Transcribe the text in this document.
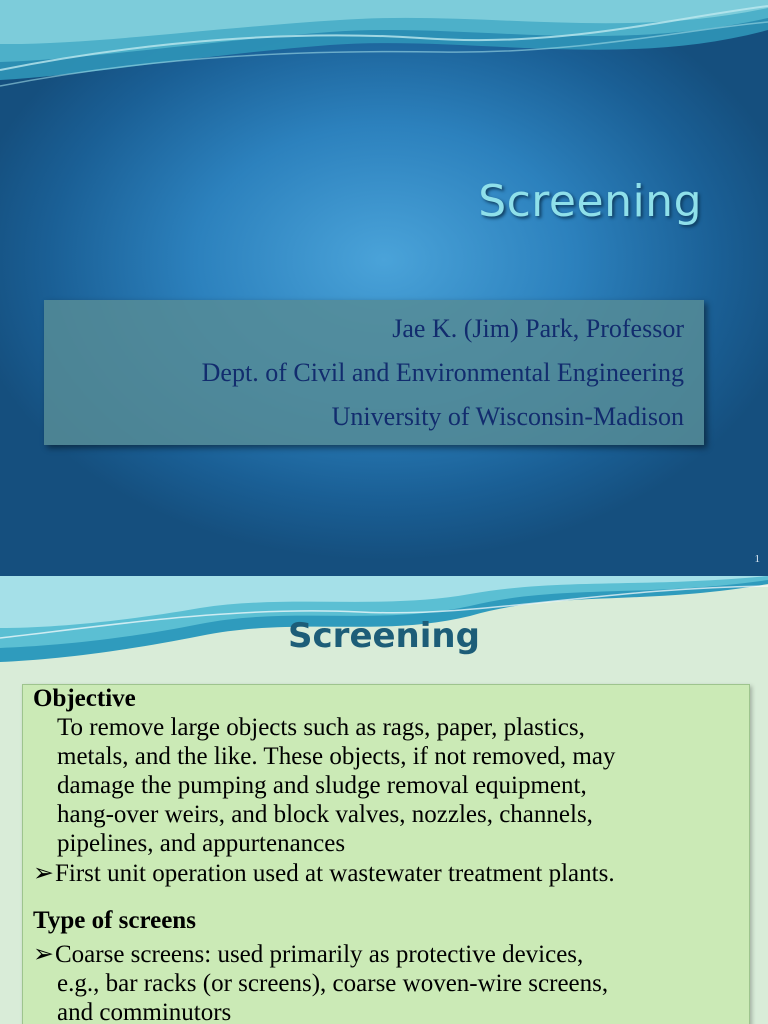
Screening
Jae K. (Jim) Park, Professor
Dept. of Civil and Environmental Engineering
University of Wisconsin-Madison
1
Screening
Objective
To remove large objects such as rags, paper, plastics,
metals, and the like. These objects, if not removed, may
damage the pumping and sludge removal equipment,
hang-over weirs, and block valves, nozzles, channels,
pipelines, and appurtenances
➢First unit operation used at wastewater treatment plants.
Type of screens
➢Coarse screens: used primarily as protective devices,
e.g., bar racks (or screens), coarse woven-wire screens,
and comminutors
